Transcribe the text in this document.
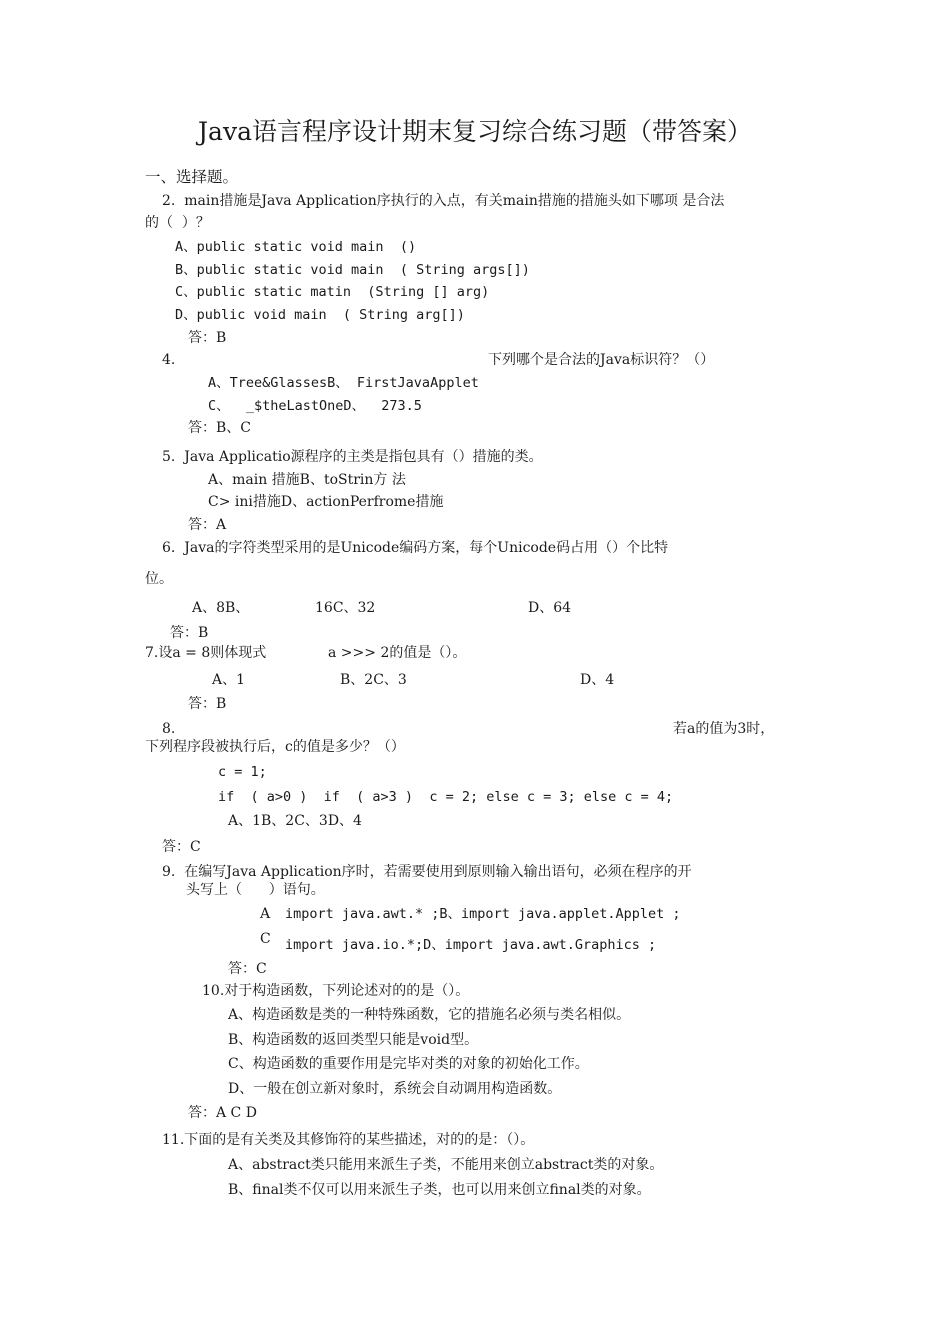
Java语言程序设计期末复习综合练习题（带答案）
一、选择题。
2.  main措施是Java Application序执行的入点，有关main措施的措施头如下哪项 是合法
的（  ）？
A、public static void main  ()
B、public static void main  ( String args[])
C、public static matin  (String [] arg)
D、public void main  ( String arg[])
答：B
4.	下列哪个是合法的Java标识符？（）
A、Tree&GlassesB、 FirstJavaApplet
C、  _$theLastOneD、  273.5
答：B、C
5.  Java Applicatio源程序的主类是指包具有（）措施的类。
A、main 措施B、toStrin方 法
C> ini措施D、actionPerfrome措施
答：A
6.  Java的字符类型采用的是Unicode编码方案，每个Unicode码占用（）个比特
位。
A、8B、	16C、32	D、64
答：B
7.设a = 8则体现式	a >>> 2的值是（）。
A、1	B、2C、3	D、4
答：B
8.	若a的值为3时，
下列程序段被执行后，c的值是多少？（）
c = 1;
if  ( a>0 )  if  ( a>3 )  c = 2; else c = 3; else c = 4;
A、1B、2C、3D、4
答：C
9.  在编写Java Application序时，若需要使用到原则输入输出语句，必须在程序的开
头写上（      ）语句。
A import java.awt.* ;B、import java.applet.Applet ;
C import java.io.*;D、import java.awt.Graphics ;
答：C
10.对于构造函数，下列论述对的的是（）。
A、构造函数是类的一种特殊函数，它的措施名必须与类名相似。
B、构造函数的返回类型只能是void型。
C、构造函数的重要作用是完毕对类的对象的初始化工作。
D、一般在创立新对象时，系统会自动调用构造函数。
答：A C D
11.下面的是有关类及其修饰符的某些描述，对的的是：（）。
A、abstract类只能用来派生子类，不能用来创立abstract类的对象。
B、final类不仅可以用来派生子类，也可以用来创立final类的对象。
